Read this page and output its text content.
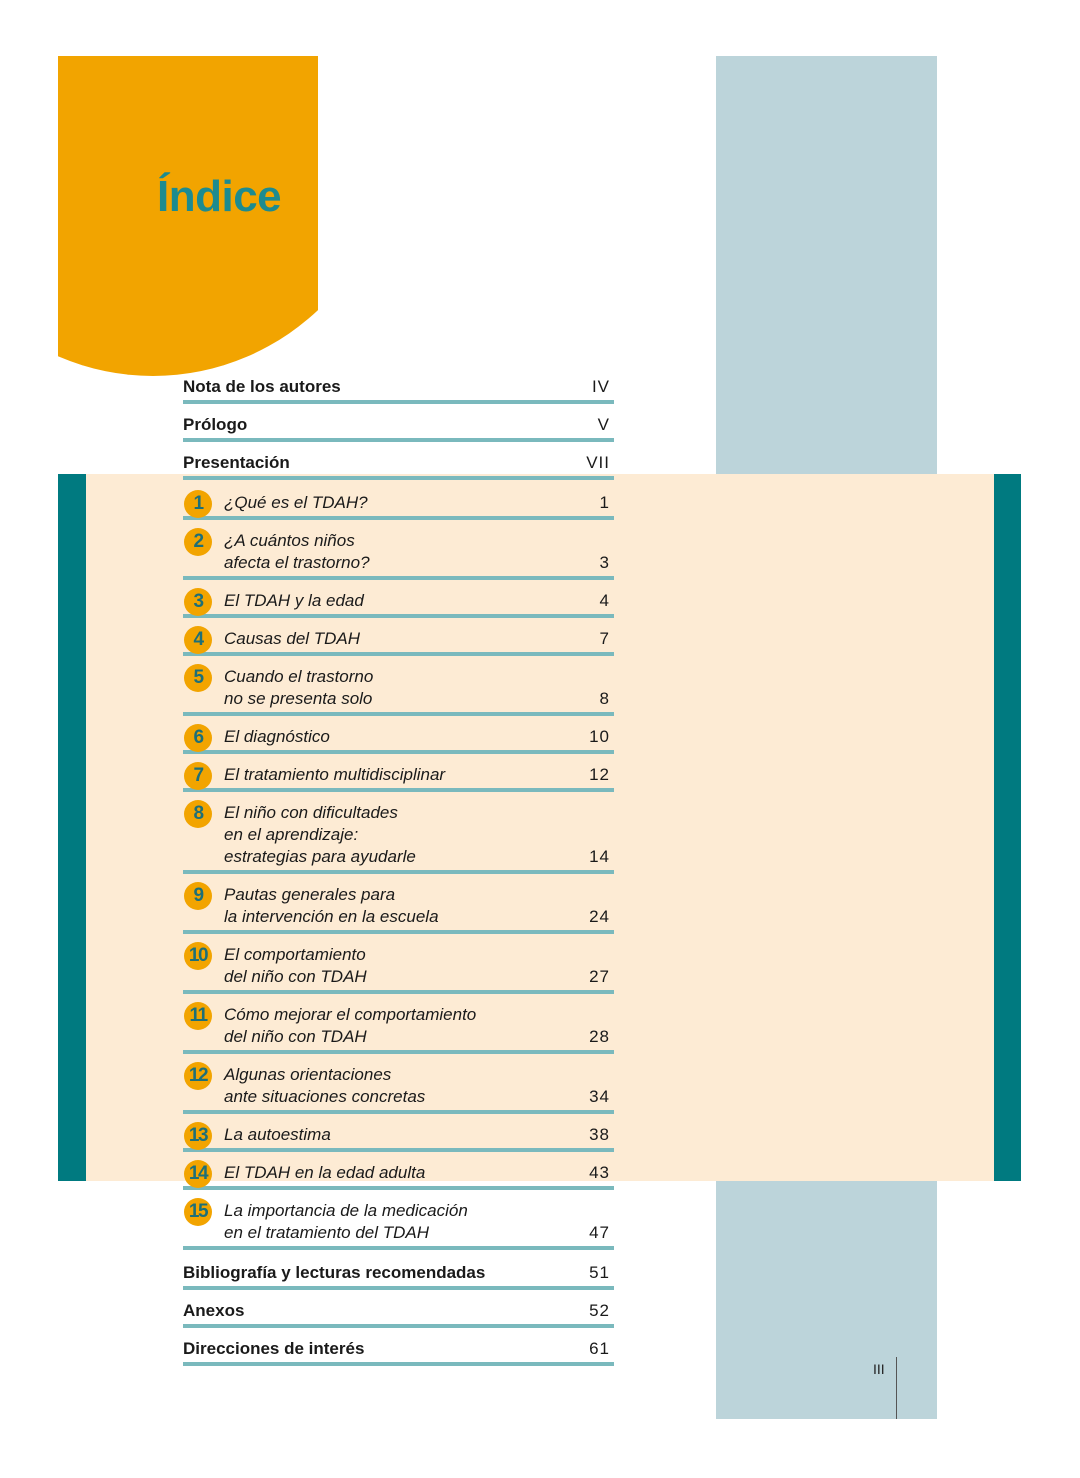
Índice
Nota de los autores	IV
Prólogo	V
Presentación	VII
1	¿Qué es el TDAH?	1
2	¿A cuántos niños
afecta el trastorno?	3
3	El TDAH y la edad	4
4	Causas del TDAH	7
5	Cuando el trastorno
no se presenta solo	8
6	El diagnóstico	10
7	El tratamiento multidisciplinar	12
8	El niño con dificultades
en el aprendizaje:
estrategias para ayudarle	14
9	Pautas generales para
la intervención en la escuela	24
10 El comportamiento
del niño con TDAH	27
11	Cómo mejorar el comportamiento
del niño con TDAH	28
12 Algunas orientaciones
ante situaciones concretas	34
13 La autoestima	38
14 El TDAH en la edad adulta	43
15 La importancia de la medicación
en el tratamiento del TDAH	47
Bibliografía y lecturas recomendadas	51
Anexos	52
Direcciones de interés	61
III
